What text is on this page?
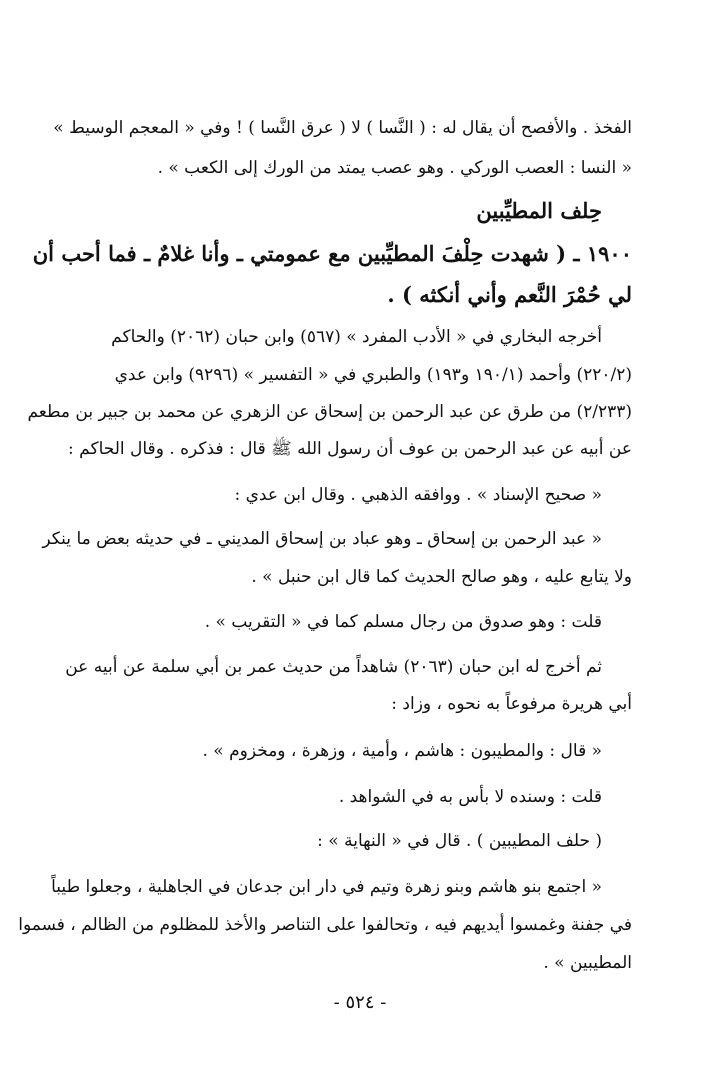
الفخذ . والأفصح أن يقال له : ( النَّسا ) لا ( عرق النَّسا ) ! وفي « المعجم الوسيط »
« النسا : العصب الوركي . وهو عصب يمتد من الورك إلى الكعب » .
حِلف المطيِّبين
١٩٠٠ ـ ( شهدت حِلْفَ المطيِّبين مع عمومتي ـ وأنا غلامٌ ـ فما أحب أن
لي حُمْرَ النَّعم وأني أنكثه ) .
أخرجه البخاري في « الأدب المفرد » (٥٦٧) وابن حبان (٢٠٦٢) والحاكم
(٢٢٠/٢) وأحمد (١٩٠/١ و١٩٣) والطبري في « التفسير » (٩٢٩٦) وابن عدي
(٢/٢٣٣) من طرق عن عبد الرحمن بن إسحاق عن الزهري عن محمد بن جبير بن مطعم
عن أبيه عن عبد الرحمن بن عوف أن رسول الله ﷺ قال : فذكره . وقال الحاكم :
« صحيح الإسناد » . ووافقه الذهبي . وقال ابن عدي :
« عبد الرحمن بن إسحاق ـ وهو عباد بن إسحاق المديني ـ في حديثه بعض ما ينكر
ولا يتابع عليه ، وهو صالح الحديث كما قال ابن حنبل » .
قلت : وهو صدوق من رجال مسلم كما في « التقريب » .
ثم أخرج له ابن حبان (٢٠٦٣) شاهداً من حديث عمر بن أبي سلمة عن أبيه عن
أبي هريرة مرفوعاً به نحوه ، وزاد :
« قال : والمطيبون : هاشم ، وأمية ، وزهرة ، ومخزوم » .
قلت : وسنده لا بأس به في الشواهد .
( حلف المطيبين ) . قال في « النهاية » :
« اجتمع بنو هاشم وبنو زهرة وتيم في دار ابن جدعان في الجاهلية ، وجعلوا طيباً
في جفنة وغمسوا أيديهم فيه ، وتحالفوا على التناصر والأخذ للمظلوم من الظالم ، فسموا
المطيبين » .
- ٥٢٤ -
